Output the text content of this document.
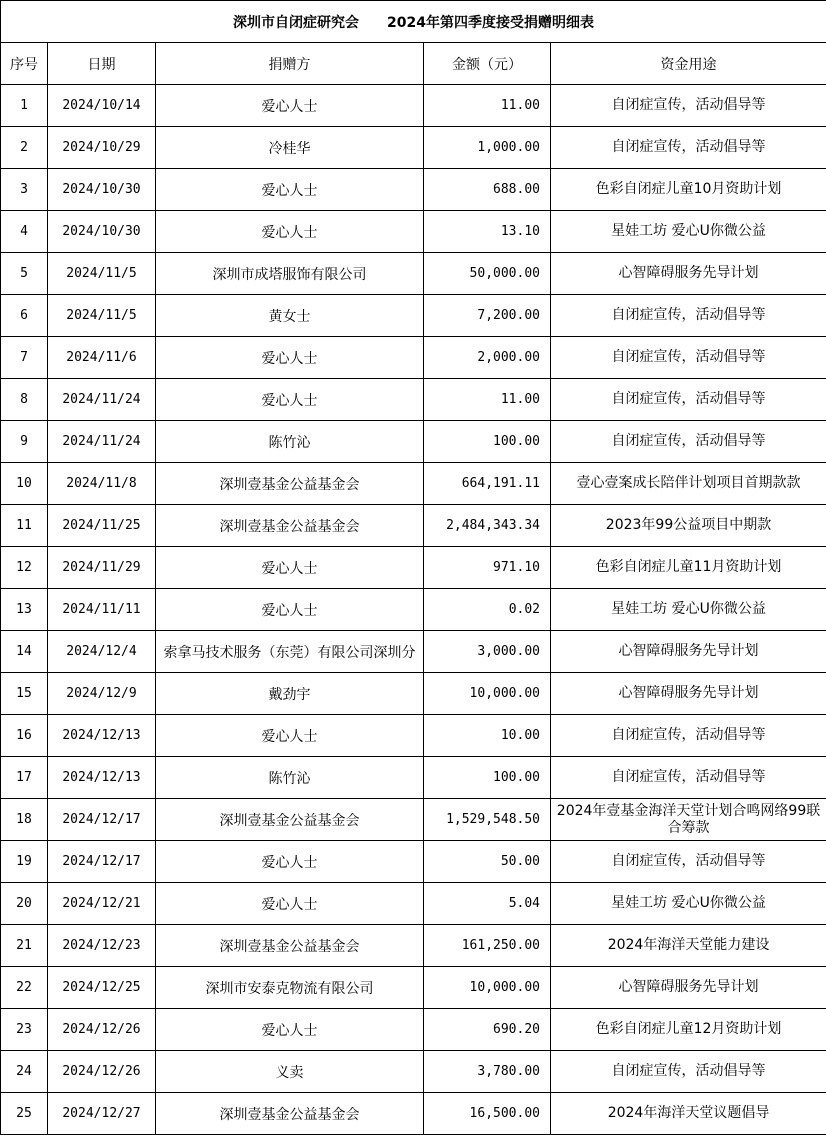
深圳市自闭症研究会 2024年第四季度接受捐赠明细表				
序号	日期	捐赠方	金额（元）	资金用途
1	2024/10/14	爱心人士	11.00	自闭症宣传，活动倡导等
2	2024/10/29	冷桂华	1,000.00	自闭症宣传，活动倡导等
3	2024/10/30	爱心人士	688.00	色彩自闭症儿童10月资助计划
4	2024/10/30	爱心人士	13.10	星娃工坊 爱心U你微公益
5	2024/11/5	深圳市成塔服饰有限公司	50,000.00	心智障碍服务先导计划
6	2024/11/5	黄女士	7,200.00	自闭症宣传，活动倡导等
7	2024/11/6	爱心人士	2,000.00	自闭症宣传，活动倡导等
8	2024/11/24	爱心人士	11.00	自闭症宣传，活动倡导等
9	2024/11/24	陈竹沁	100.00	自闭症宣传，活动倡导等
10	2024/11/8	深圳壹基金公益基金会	664,191.11	壹心壹案成长陪伴计划项目首期款款
11	2024/11/25	深圳壹基金公益基金会	2,484,343.34	2023年99公益项目中期款
12	2024/11/29	爱心人士	971.10	色彩自闭症儿童11月资助计划
13	2024/11/11	爱心人士	0.02	星娃工坊 爱心U你微公益
14	2024/12/4	索拿马技术服务（东莞）有限公司深圳分	3,000.00	心智障碍服务先导计划
15	2024/12/9	戴劲宇	10,000.00	心智障碍服务先导计划
16	2024/12/13	爱心人士	10.00	自闭症宣传，活动倡导等
17	2024/12/13	陈竹沁	100.00	自闭症宣传，活动倡导等
18	2024/12/17	深圳壹基金公益基金会	1,529,548.50	2024年壹基金海洋天堂计划合鸣网络99联合筹款
19	2024/12/17	爱心人士	50.00	自闭症宣传，活动倡导等
20	2024/12/21	爱心人士	5.04	星娃工坊 爱心U你微公益
21	2024/12/23	深圳壹基金公益基金会	161,250.00	2024年海洋天堂能力建设
22	2024/12/25	深圳市安泰克物流有限公司	10,000.00	心智障碍服务先导计划
23	2024/12/26	爱心人士	690.20	色彩自闭症儿童12月资助计划
24	2024/12/26	义卖	3,780.00	自闭症宣传，活动倡导等
25	2024/12/27	深圳壹基金公益基金会	16,500.00	2024年海洋天堂议题倡导
